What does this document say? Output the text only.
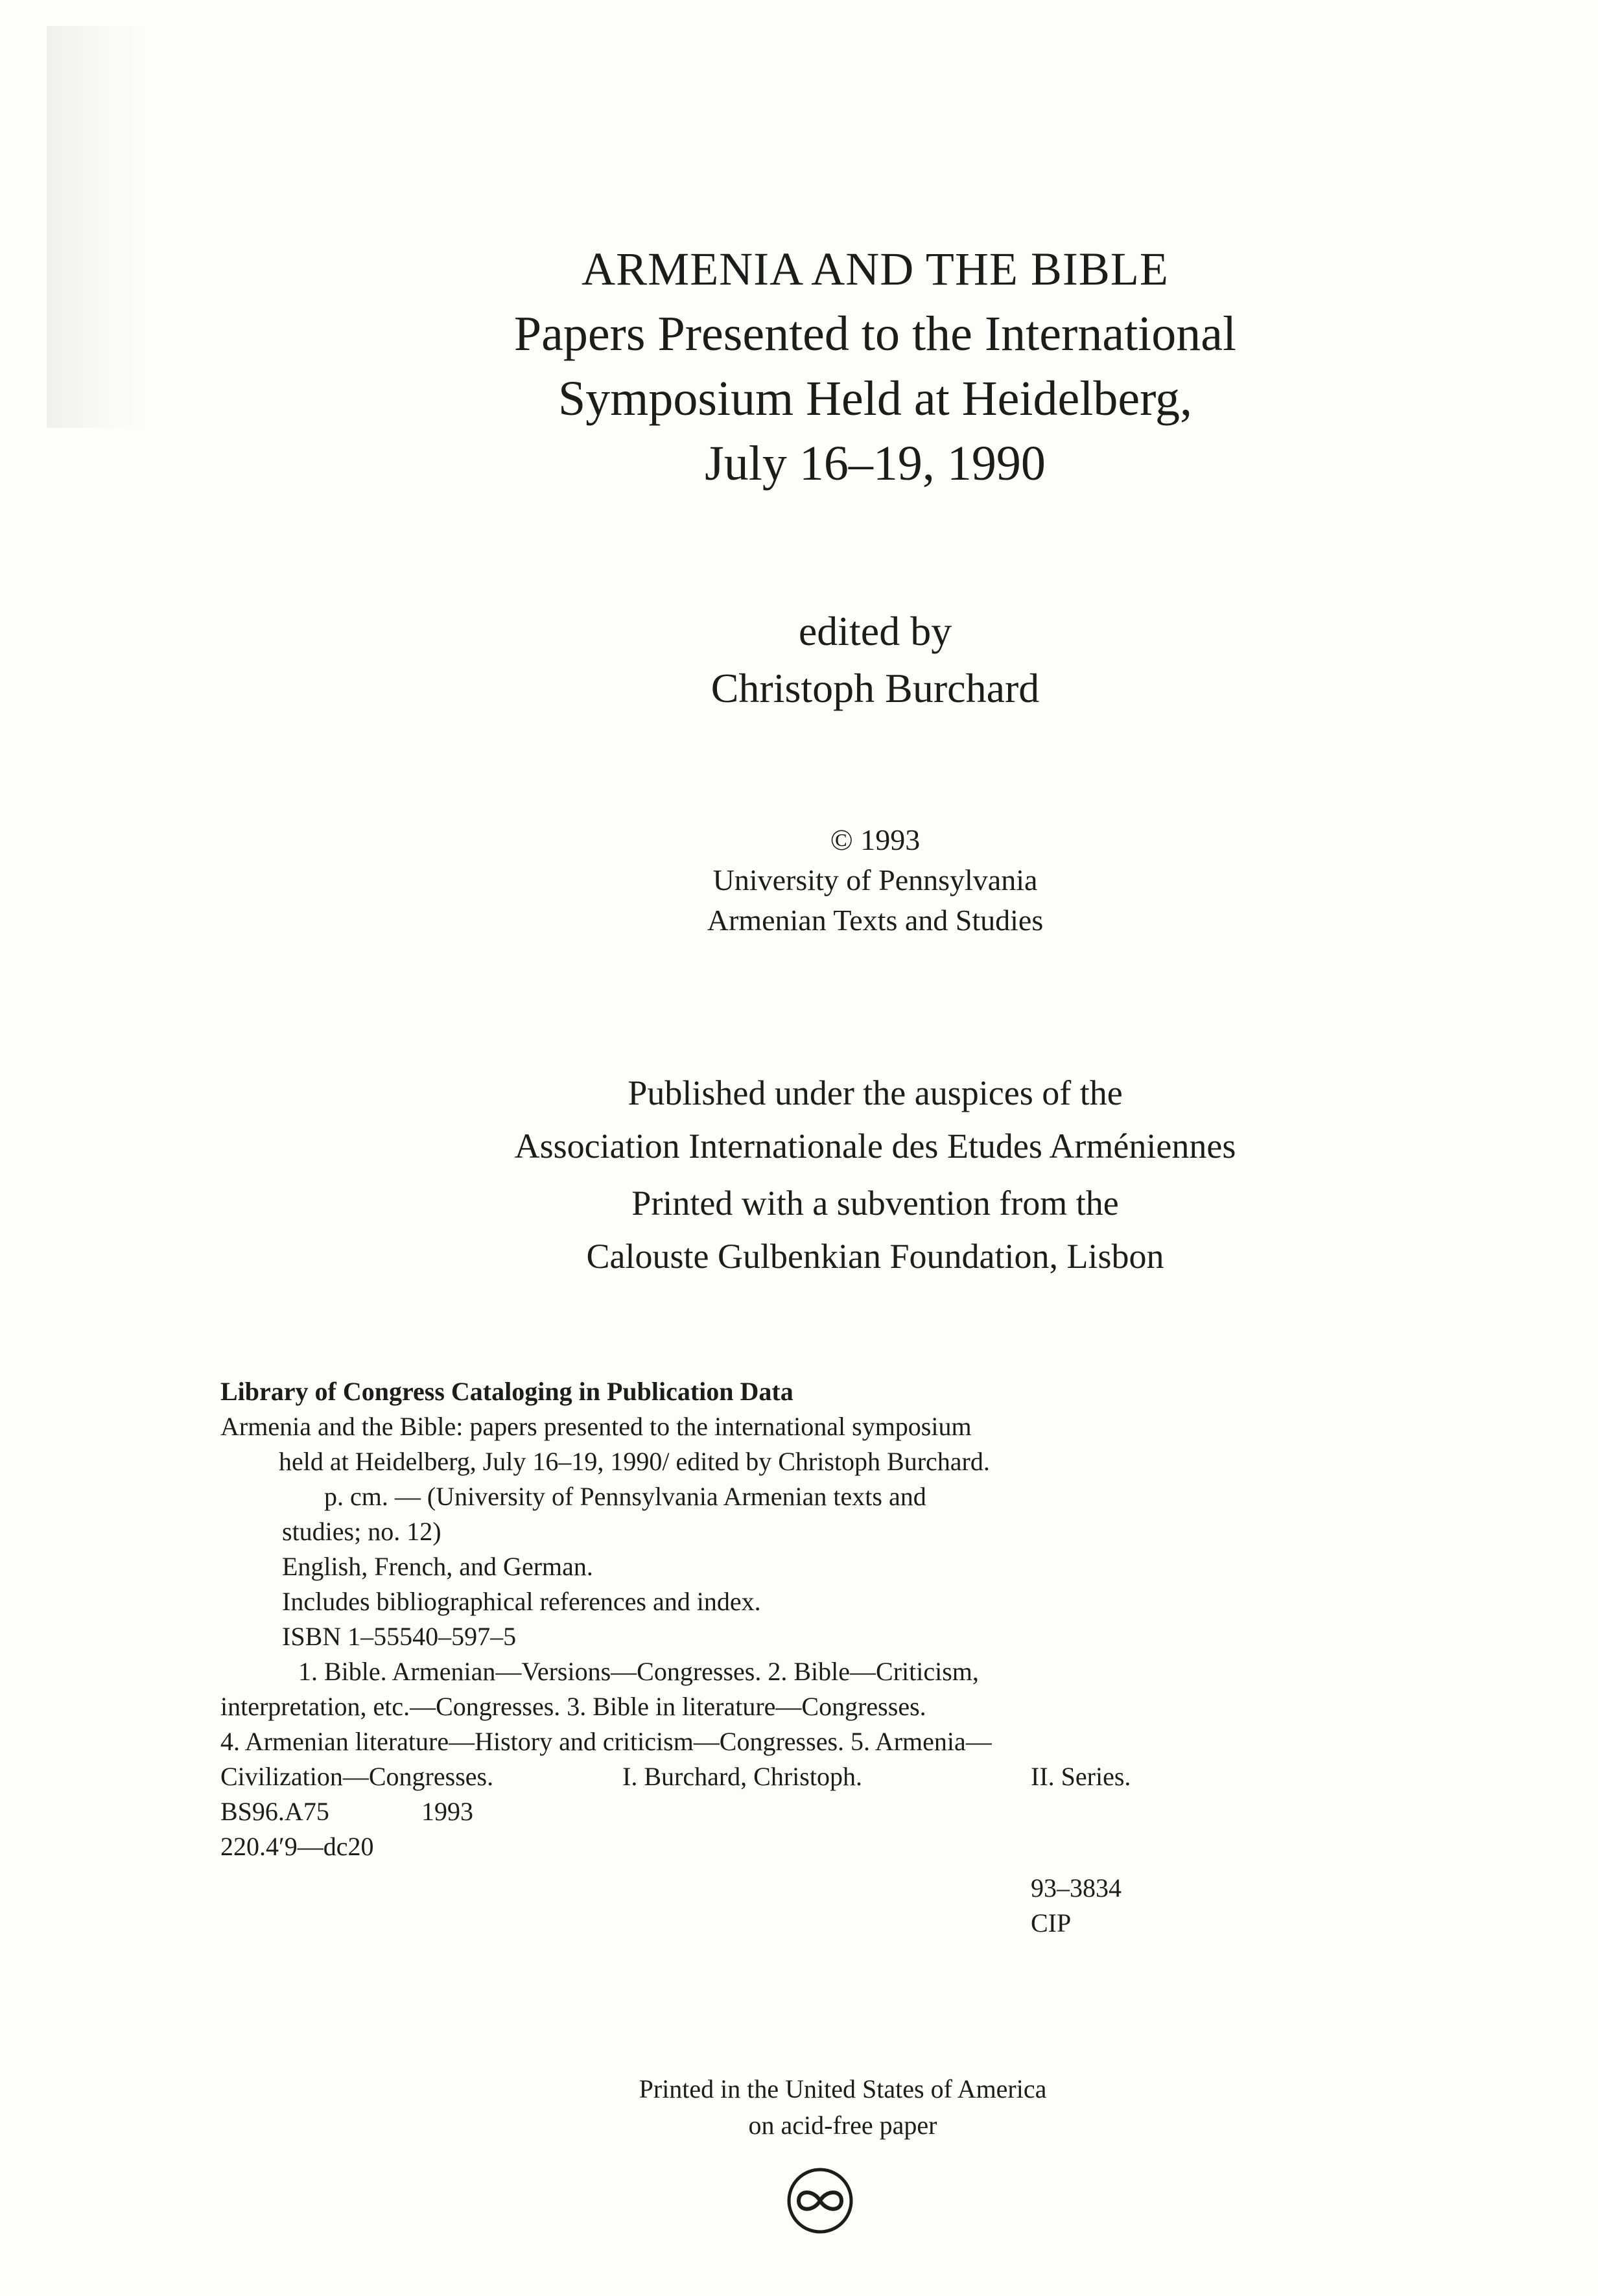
ARMENIA AND THE BIBLE
Papers Presented to the International
Symposium Held at Heidelberg,
July 16–19, 1990
edited by
Christoph Burchard
© 1993
University of Pennsylvania
Armenian Texts and Studies
Published under the auspices of the
Association Internationale des Etudes Arméniennes
Printed with a subvention from the
Calouste Gulbenkian Foundation, Lisbon
Library of Congress Cataloging in Publication Data
Armenia and the Bible: papers presented to the international symposium
held at Heidelberg, July 16–19, 1990/ edited by Christoph Burchard.
p. cm. — (University of Pennsylvania Armenian texts and
studies; no. 12)
English, French, and German.
Includes bibliographical references and index.
ISBN 1–55540–597–5
1. Bible. Armenian—Versions—Congresses. 2. Bible—Criticism,
interpretation, etc.—Congresses. 3. Bible in literature—Congresses.
4. Armenian literature—History and criticism—Congresses. 5. Armenia—
Civilization—Congresses.	I. Burchard, Christoph.	II. Series.
BS96.A75	1993
220.4′9—dc20
93–3834
CIP
Printed in the United States of America
on acid-free paper
